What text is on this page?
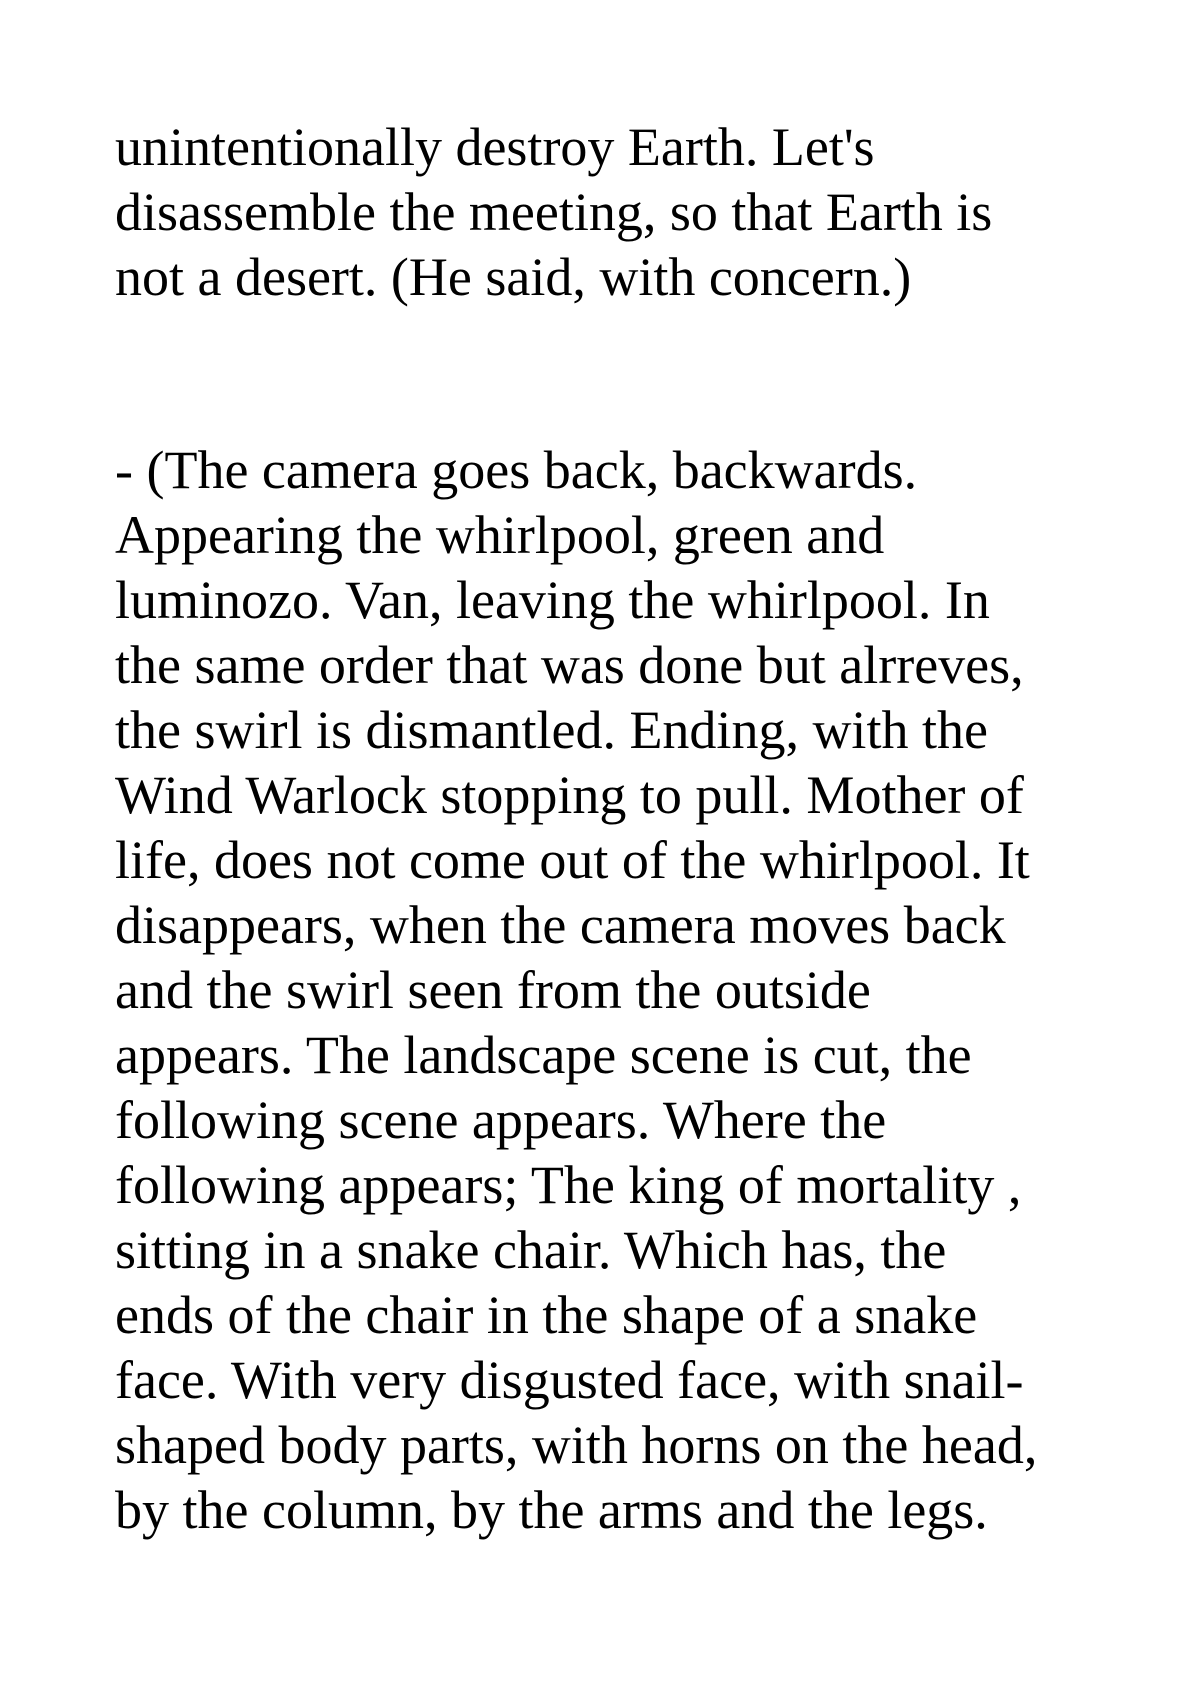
unintentionally destroy Earth. Let's
disassemble the meeting, so that Earth is
not a desert. (He said, with concern.)

- (The camera goes back, backwards.
Appearing the whirlpool, green and
luminozo. Van, leaving the whirlpool. In
the same order that was done but alrreves,
the swirl is dismantled. Ending, with the
Wind Warlock stopping to pull. Mother of
life, does not come out of the whirlpool. It
disappears, when the camera moves back
and the swirl seen from the outside
appears. The landscape scene is cut, the
following scene appears. Where the
following appears; The king of mortality ,
sitting in a snake chair. Which has, the
ends of the chair in the shape of a snake
face. With very disgusted face, with snail-
shaped body parts, with horns on the head,
by the column, by the arms and the legs.
